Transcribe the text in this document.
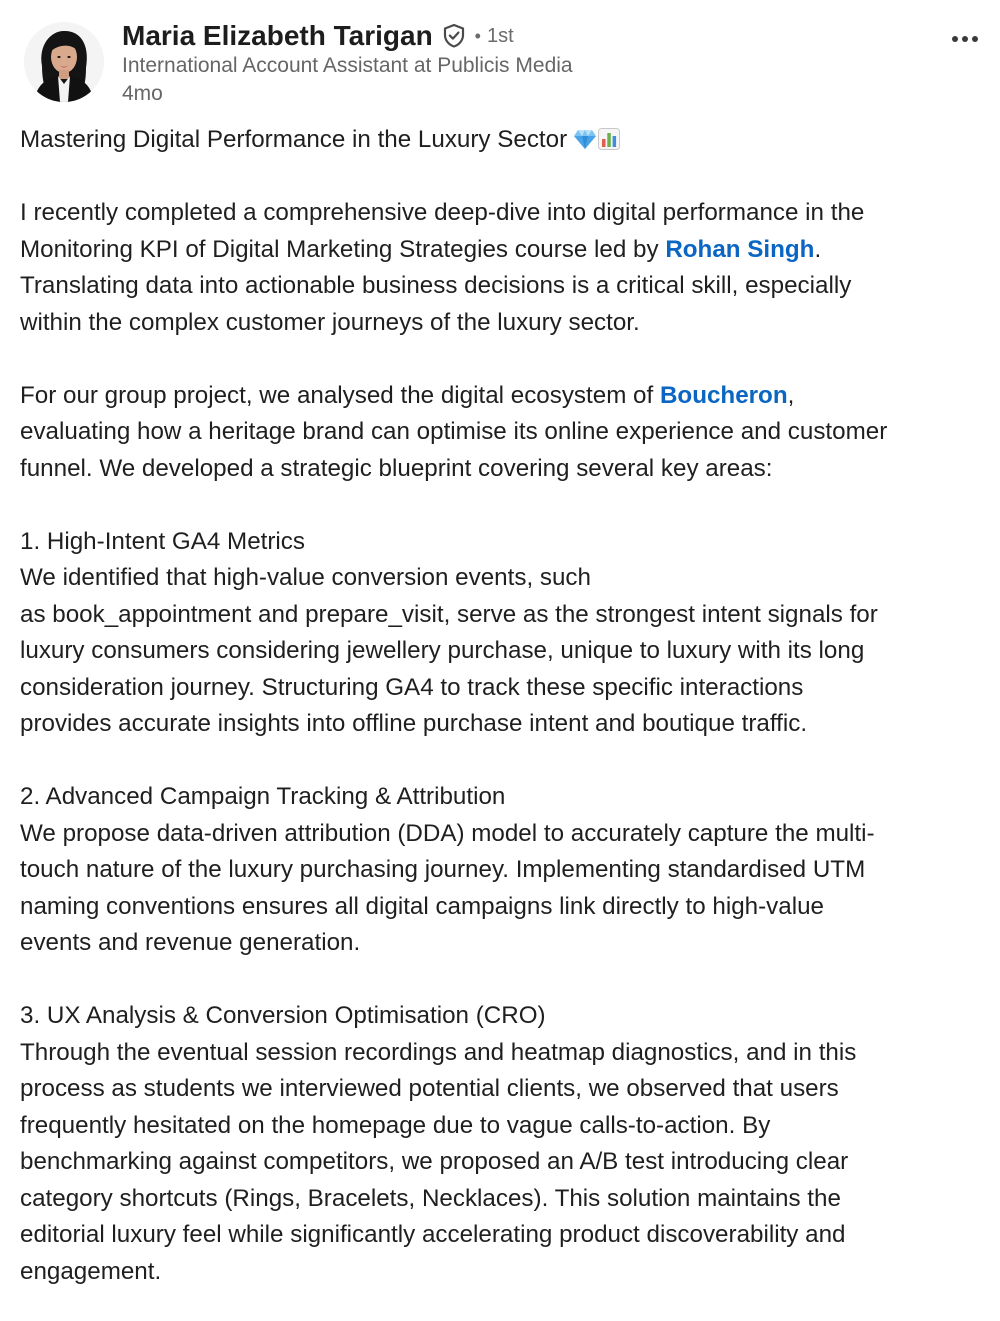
Maria Elizabeth Tarigan • 1st
International Account Assistant at Publicis Media
4mo
Mastering Digital Performance in the Luxury Sector
I recently completed a comprehensive deep-dive into digital performance in the
Monitoring KPI of Digital Marketing Strategies course led by Rohan Singh.
Translating data into actionable business decisions is a critical skill, especially
within the complex customer journeys of the luxury sector.
For our group project, we analysed the digital ecosystem of Boucheron,
evaluating how a heritage brand can optimise its online experience and customer
funnel. We developed a strategic blueprint covering several key areas:
1. High-Intent GA4 Metrics
We identified that high-value conversion events, such
as book_appointment and prepare_visit, serve as the strongest intent signals for
luxury consumers considering jewellery purchase, unique to luxury with its long
consideration journey. Structuring GA4 to track these specific interactions
provides accurate insights into offline purchase intent and boutique traffic.
2. Advanced Campaign Tracking & Attribution
We propose data-driven attribution (DDA) model to accurately capture the multi-
touch nature of the luxury purchasing journey. Implementing standardised UTM
naming conventions ensures all digital campaigns link directly to high-value
events and revenue generation.
3. UX Analysis & Conversion Optimisation (CRO)
Through the eventual session recordings and heatmap diagnostics, and in this
process as students we interviewed potential clients, we observed that users
frequently hesitated on the homepage due to vague calls-to-action. By
benchmarking against competitors, we proposed an A/B test introducing clear
category shortcuts (Rings, Bracelets, Necklaces). This solution maintains the
editorial luxury feel while significantly accelerating product discoverability and
engagement.
